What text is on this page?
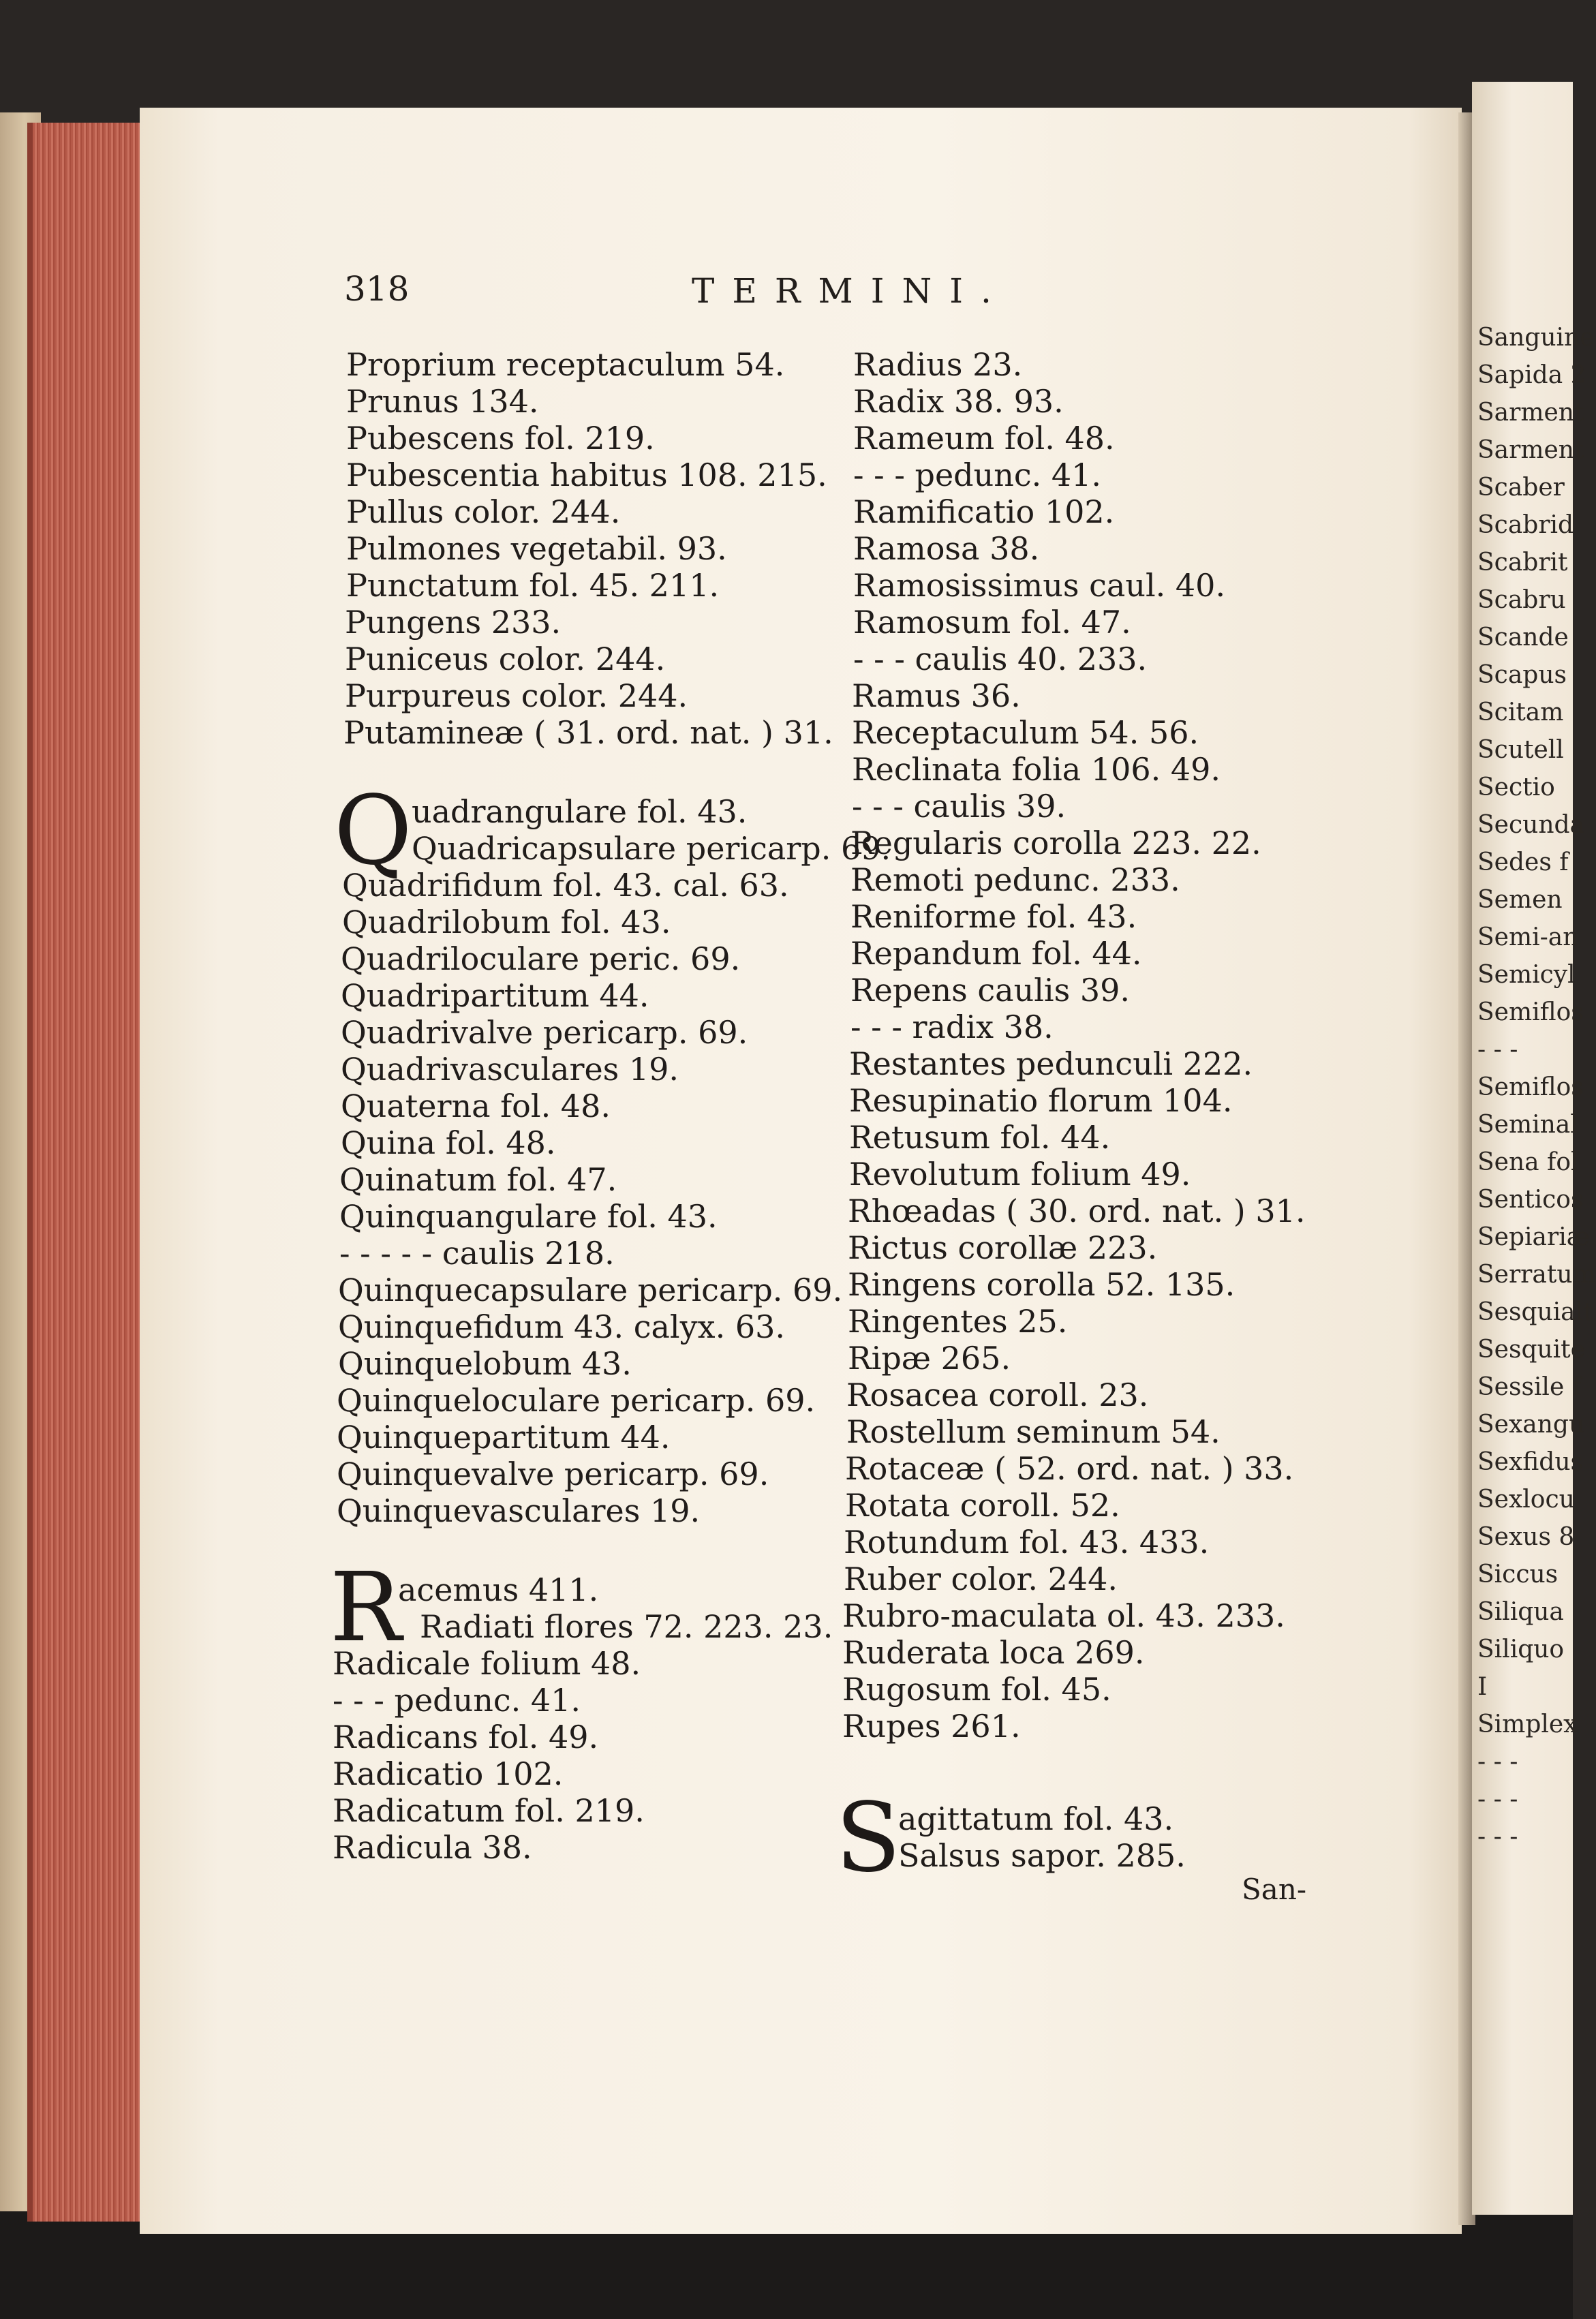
Sanguine
Sapida 2
Sarment
Sarment
Scaber
Scabrid
Scabrit
Scabru
Scande
Scapus
Scitam
Scutell
Sectio
Secunda
Sedes f
Semen
Semi-an
Semicyl
Semiflos
- - -
Semiflos
Seminal
Sena fol
Senticos
Sepiariæ
Serratum
Sesquialt
Sesquite
Sessile f
Sexangu
Sexfidus
Sexlocu
Sexus 8
Siccus
Siliqua
Siliquo
I
Simplex
- - -
- - -
- - -
318	TERMINI.
Proprium receptaculum 54.
Prunus 134.
Pubescens fol. 219.
Pubescentia habitus 108. 215.
Pullus color. 244.
Pulmones vegetabil. 93.
Punctatum fol. 45. 211.
Pungens 233.
Puniceus color. 244.
Purpureus color. 244.
Putamineæ ( 31. ord. nat. ) 31.
Q uadrangulare fol. 43.
Quadricapsulare pericarp. 69.
Quadrifidum fol. 43. cal. 63.
Quadrilobum fol. 43.
Quadriloculare peric. 69.
Quadripartitum 44.
Quadrivalve pericarp. 69.
Quadrivasculares 19.
Quaterna fol. 48.
Quina fol. 48.
Quinatum fol. 47.
Quinquangulare fol. 43.
- - - - - caulis 218.
Quinquecapsulare pericarp. 69.
Quinquefidum 43. calyx. 63.
Quinquelobum 43.
Quinqueloculare pericarp. 69.
Quinquepartitum 44.
Quinquevalve pericarp. 69.
Quinquevasculares 19.
R
acemus 411.
Radiati flores 72. 223. 23.
Radicale folium 48.
- - - pedunc. 41.
Radicans fol. 49.
Radicatio 102.
Radicatum fol. 219.
Radicula 38.
Radius 23.
Radix 38. 93.
Rameum fol. 48.
- - - pedunc. 41.
Ramificatio 102.
Ramosa 38.
Ramosissimus caul. 40.
Ramosum fol. 47.
- - - caulis 40. 233.
Ramus 36.
Receptaculum 54. 56.
Reclinata folia 106. 49.
- - - caulis 39.
Regularis corolla 223. 22.
Remoti pedunc. 233.
Reniforme fol. 43.
Repandum fol. 44.
Repens caulis 39.
- - - radix 38.
Restantes pedunculi 222.
Resupinatio florum 104.
Retusum fol. 44.
Revolutum folium 49.
Rhœadas ( 30. ord. nat. ) 31.
Rictus corollæ 223.
Ringens corolla 52. 135.
Ringentes 25.
Ripæ 265.
Rosacea coroll. 23.
Rostellum seminum 54.
Rotaceæ ( 52. ord. nat. ) 33.
Rotata coroll. 52.
Rotundum fol. 43. 433.
Ruber color. 244.
Rubro-maculata ol. 43. 233.
Ruderata loca 269.
Rugosum fol. 45.
Rupes 261.
S
agittatum fol. 43.
Salsus sapor. 285.
San-
